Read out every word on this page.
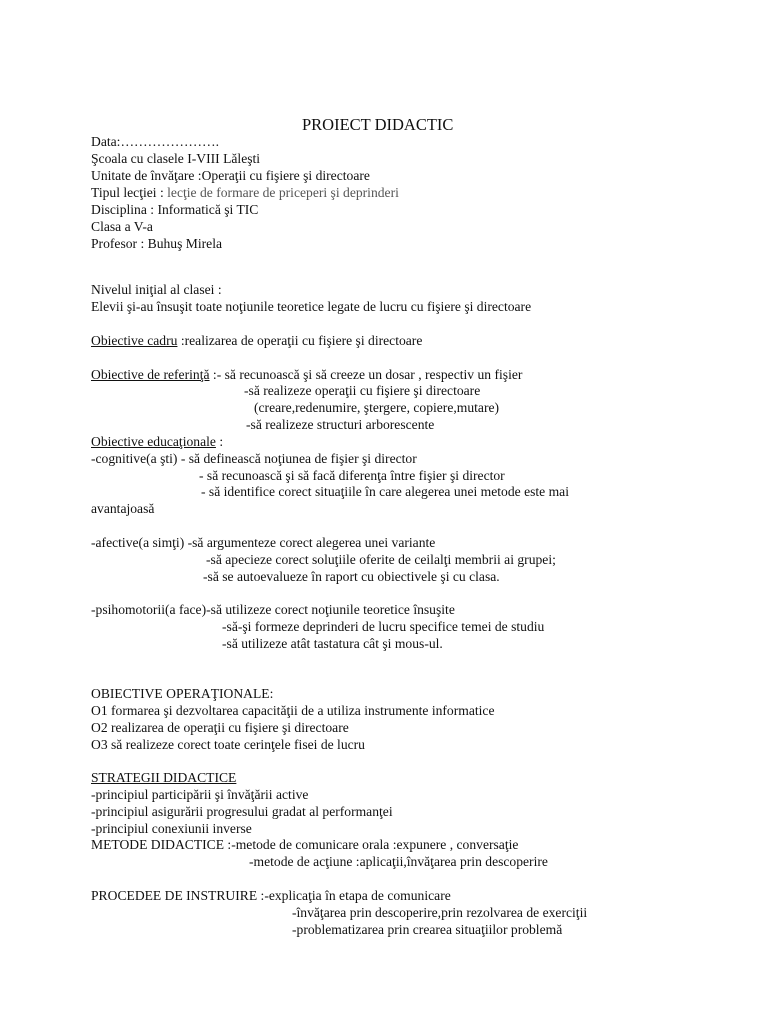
PROIECT DIDACTIC
Data:………………….
Şcoala cu clasele I-VIII Lăleşti
Unitate de învăţare :Operaţii cu fişiere şi directoare
Tipul lecţiei : lecţie de formare de priceperi şi deprinderi
Disciplina : Informatică şi TIC
Clasa a V-a
Profesor : Buhuş Mirela
Nivelul iniţial al clasei :
Elevii şi-au însuşit toate noţiunile teoretice legate de lucru cu fişiere şi directoare
Obiective cadru :realizarea de operaţii cu fişiere şi directoare
Obiective de referinţă :- să recunoască şi să creeze un dosar , respectiv un fişier
-să realizeze operaţii cu fişiere şi directoare
(creare,redenumire, ştergere, copiere,mutare)
-să realizeze structuri arborescente
Obiective educaţionale :
-cognitive(a şti) - să definească noţiunea de fişier şi director
- să recunoască şi să facă diferenţa între fişier şi director
- să identifice corect situaţiile în care alegerea unei metode este mai
avantajoasă
-afective(a simţi) -să argumenteze corect alegerea unei variante
-să apecieze corect soluţiile oferite de ceilalţi membrii ai grupei;
-să se autoevalueze în raport cu obiectivele şi cu clasa.
-psihomotorii(a face)-să utilizeze corect noţiunile teoretice însuşite
-să-şi formeze deprinderi de lucru specifice temei de studiu
-să utilizeze atât tastatura cât şi mous-ul.
OBIECTIVE OPERAŢIONALE:
O1 formarea şi dezvoltarea capacităţii de a utiliza instrumente informatice
O2 realizarea de operaţii cu fişiere şi directoare
O3 să realizeze corect toate cerinţele fisei de lucru
STRATEGII DIDACTICE
-principiul participării şi învăţării active
-principiul asigurării progresului gradat al performanţei
-principiul conexiunii inverse
METODE DIDACTICE :-metode de comunicare orala :expunere , conversaţie
-metode de acţiune :aplicaţii,învăţarea prin descoperire
PROCEDEE DE INSTRUIRE :-explicaţia în etapa de comunicare
-învăţarea prin descoperire,prin rezolvarea de exerciţii
-problematizarea prin crearea situaţiilor problemă
